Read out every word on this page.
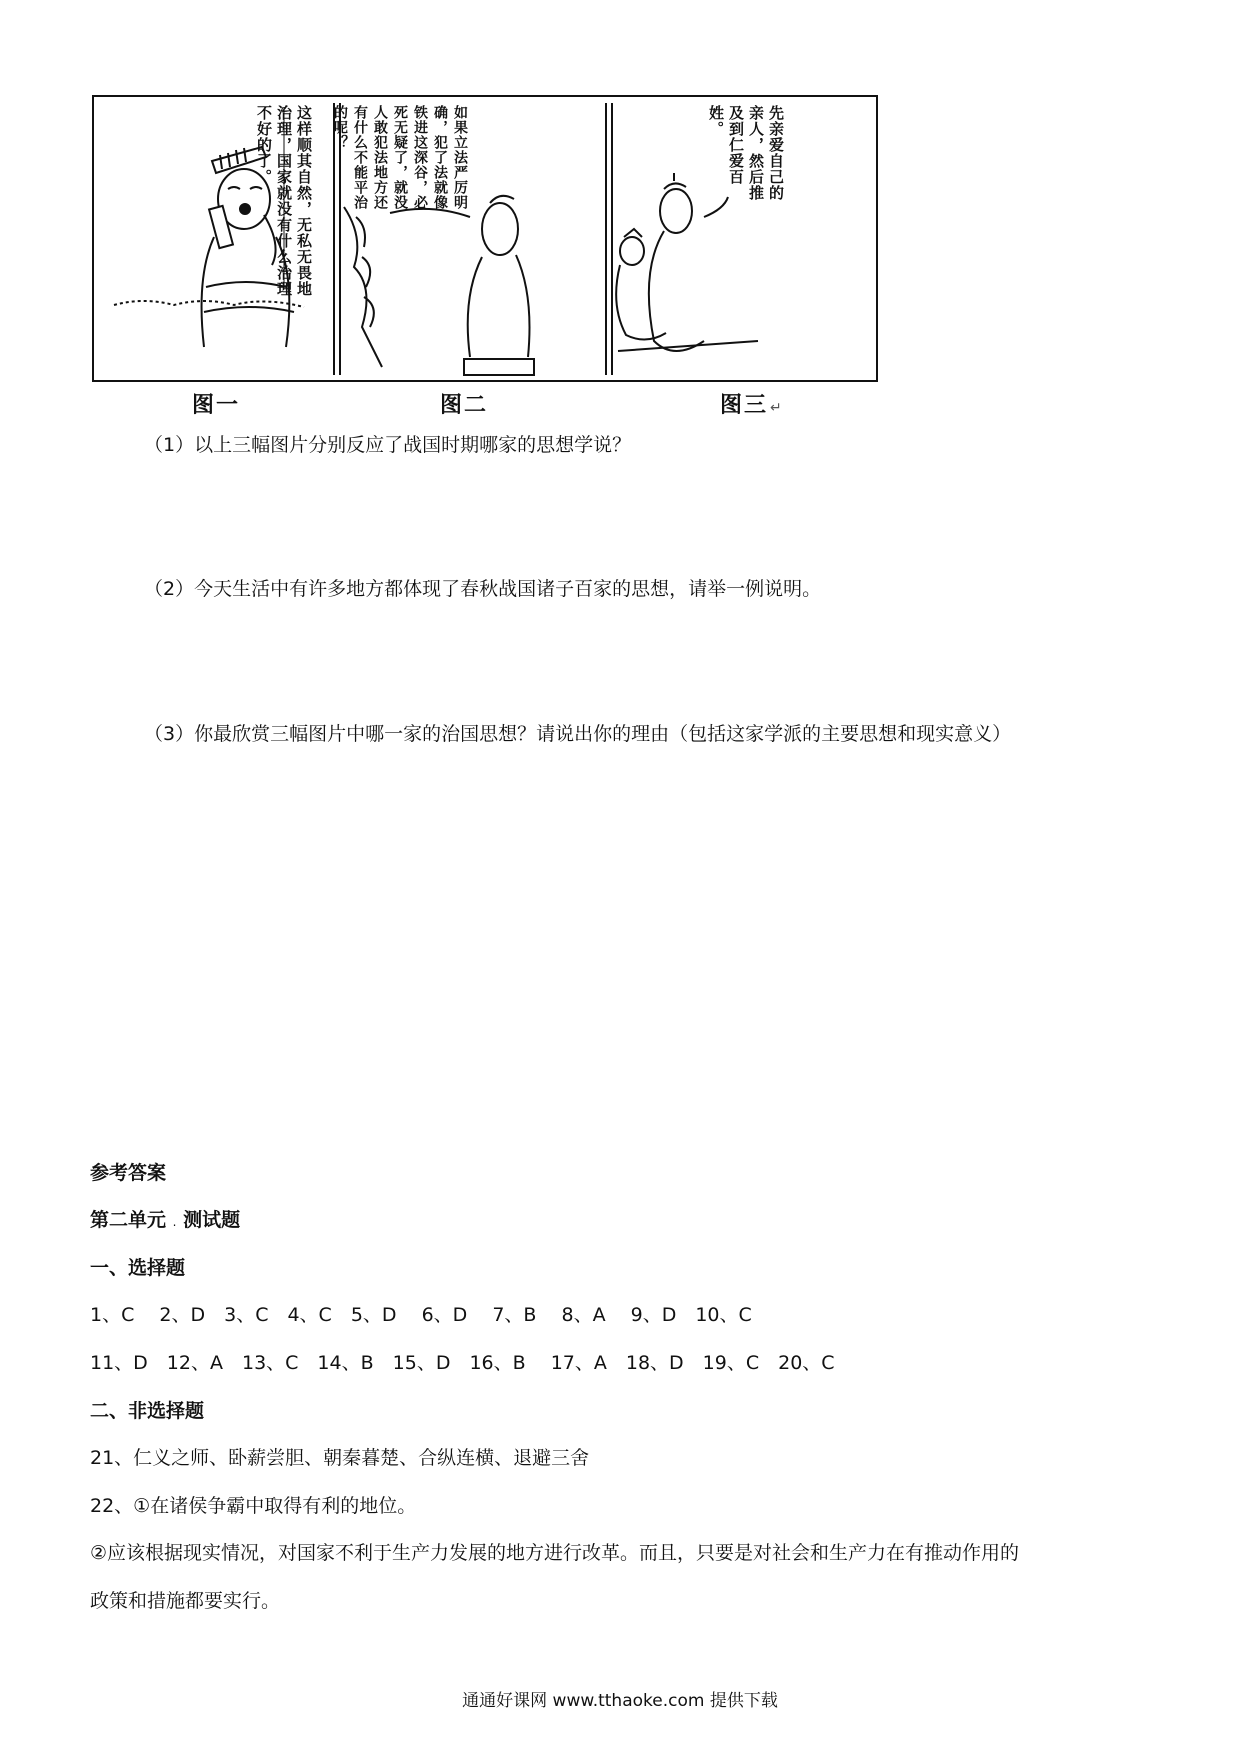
这样顺其自然，无私无畏地治理，国家就没有什么治理不好的了。	如果立法严厉明确，犯了法就像铁进这深谷，必死无疑了，就没人敢犯法地方还有什么不能平治的呢？	先亲爱自己的亲人，然后推及到仁爱百姓。
图一	图二	图三 ↵
（1）以上三幅图片分别反应了战国时期哪家的思想学说？
（2）今天生活中有许多地方都体现了春秋战国诸子百家的思想，请举一例说明。
（3）你最欣赏三幅图片中哪一家的治国思想？请说出你的理由（包括这家学派的主要思想和现实意义）
参考答案
第二单元 . 测试题
一、选择题
1、C　 2、D　3、C　4、C　5、D　 6、D　 7、B　 8、A　 9、D　10、C
11、D　12、A　13、C　14、B　15、D　16、B　 17、A　18、D　19、C　20、C
二、非选择题
21、仁义之师、卧薪尝胆、朝秦暮楚、合纵连横、退避三舍
22、①在诸侯争霸中取得有利的地位。
②应该根据现实情况，对国家不利于生产力发展的地方进行改革。而且，只要是对社会和生产力在有推动作用的
政策和措施都要实行。
通通好课网 www.tthaoke.com 提供下载
